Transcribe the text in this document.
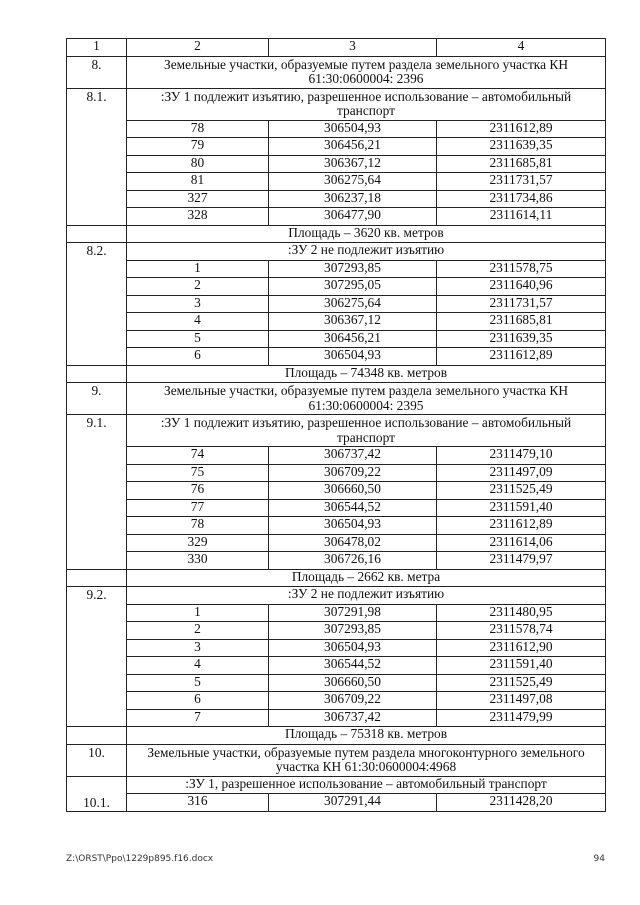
1	2	3	4
8.	Земельные участки, образуемые путем раздела земельного участка КН 61:30:0600004: 2396		
8.1.	:ЗУ 1 подлежит изъятию, разрешенное использование – автомобильный транспорт		
	78	306504,93	2311612,89
	79	306456,21	2311639,35
	80	306367,12	2311685,81
	81	306275,64	2311731,57
	327	306237,18	2311734,86
	328	306477,90	2311614,11
	Площадь – 3620 кв. метров		
8.2.	:ЗУ 2 не подлежит изъятию		
	1	307293,85	2311578,75
	2	307295,05	2311640,96
	3	306275,64	2311731,57
	4	306367,12	2311685,81
	5	306456,21	2311639,35
	6	306504,93	2311612,89
	Площадь – 74348 кв. метров		
9.	Земельные участки, образуемые путем раздела земельного участка КН 61:30:0600004: 2395		
9.1.	:ЗУ 1 подлежит изъятию, разрешенное использование – автомобильный транспорт		
	74	306737,42	2311479,10
	75	306709,22	2311497,09
	76	306660,50	2311525,49
	77	306544,52	2311591,40
	78	306504,93	2311612,89
	329	306478,02	2311614,06
	330	306726,16	2311479,97
	Площадь – 2662 кв. метра		
9.2.	:ЗУ 2 не подлежит изъятию		
	1	307291,98	2311480,95
	2	307293,85	2311578,74
	3	306504,93	2311612,90
	4	306544,52	2311591,40
	5	306660,50	2311525,49
	6	306709,22	2311497,08
	7	306737,42	2311479,99
	Площадь – 75318 кв. метров		
10.	Земельные участки, образуемые путем раздела многоконтурного земельного участка КН 61:30:0600004:4968		
10.1.	:ЗУ 1, разрешенное использование – автомобильный транспорт		
	316	307291,44	2311428,20
Z:\ORST\Ppo\1229p895.f16.docx	94
